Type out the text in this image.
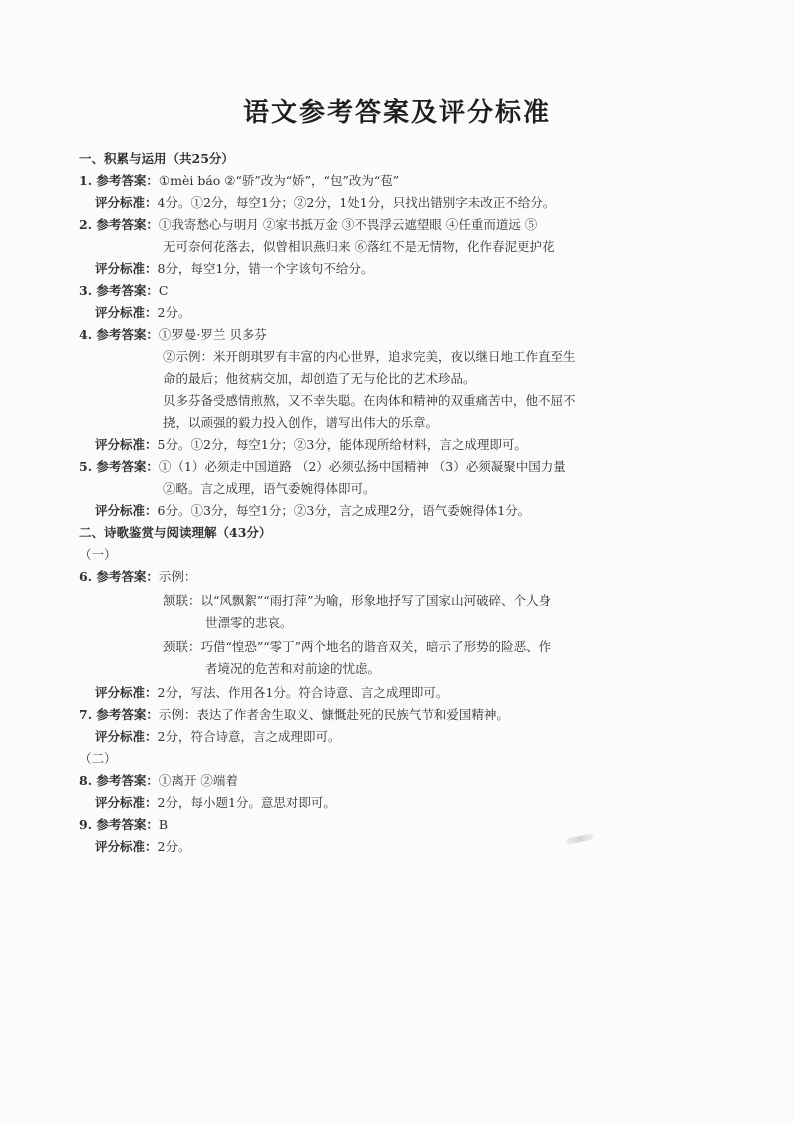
语文参考答案及评分标准
一、积累与运用（共25分）
1. 参考答案：①mèi báo ②“骄”改为“娇”，“包”改为“苞”
评分标准：4分。①2分，每空1分；②2分，1处1分，只找出错别字未改正不给分。
2. 参考答案：①我寄愁心与明月 ②家书抵万金 ③不畏浮云遮望眼 ④任重而道远 ⑤
无可奈何花落去，似曾相识燕归来 ⑥落红不是无情物，化作春泥更护花
评分标准：8分，每空1分，错一个字该句不给分。
3. 参考答案：C
评分标准：2分。
4. 参考答案：①罗曼·罗兰 贝多芬
②示例：米开朗琪罗有丰富的内心世界，追求完美，夜以继日地工作直至生
命的最后；他贫病交加，却创造了无与伦比的艺术珍品。
贝多芬备受感情煎熬，又不幸失聪。在肉体和精神的双重痛苦中，他不屈不
挠，以顽强的毅力投入创作，谱写出伟大的乐章。
评分标准：5分。①2分，每空1分；②3分，能体现所给材料，言之成理即可。
5. 参考答案：①（1）必须走中国道路 （2）必须弘扬中国精神 （3）必须凝聚中国力量
②略。言之成理，语气委婉得体即可。
评分标准：6分。①3分，每空1分；②3分，言之成理2分，语气委婉得体1分。
二、诗歌鉴赏与阅读理解（43分）
（一）
6. 参考答案：示例：
颔联：以“风飘絮”“雨打萍”为喻，形象地抒写了国家山河破碎、个人身
世漂零的悲哀。
颈联：巧借“惶恐”“零丁”两个地名的谐音双关，暗示了形势的险恶、作
者境况的危苦和对前途的忧虑。
评分标准：2分，写法、作用各1分。符合诗意、言之成理即可。
7. 参考答案：示例：表达了作者舍生取义、慷慨赴死的民族气节和爱国精神。
评分标准：2分，符合诗意，言之成理即可。
（二）
8. 参考答案：①离开 ②端着
评分标准：2分，每小题1分。意思对即可。
9. 参考答案：B
评分标准：2分。
